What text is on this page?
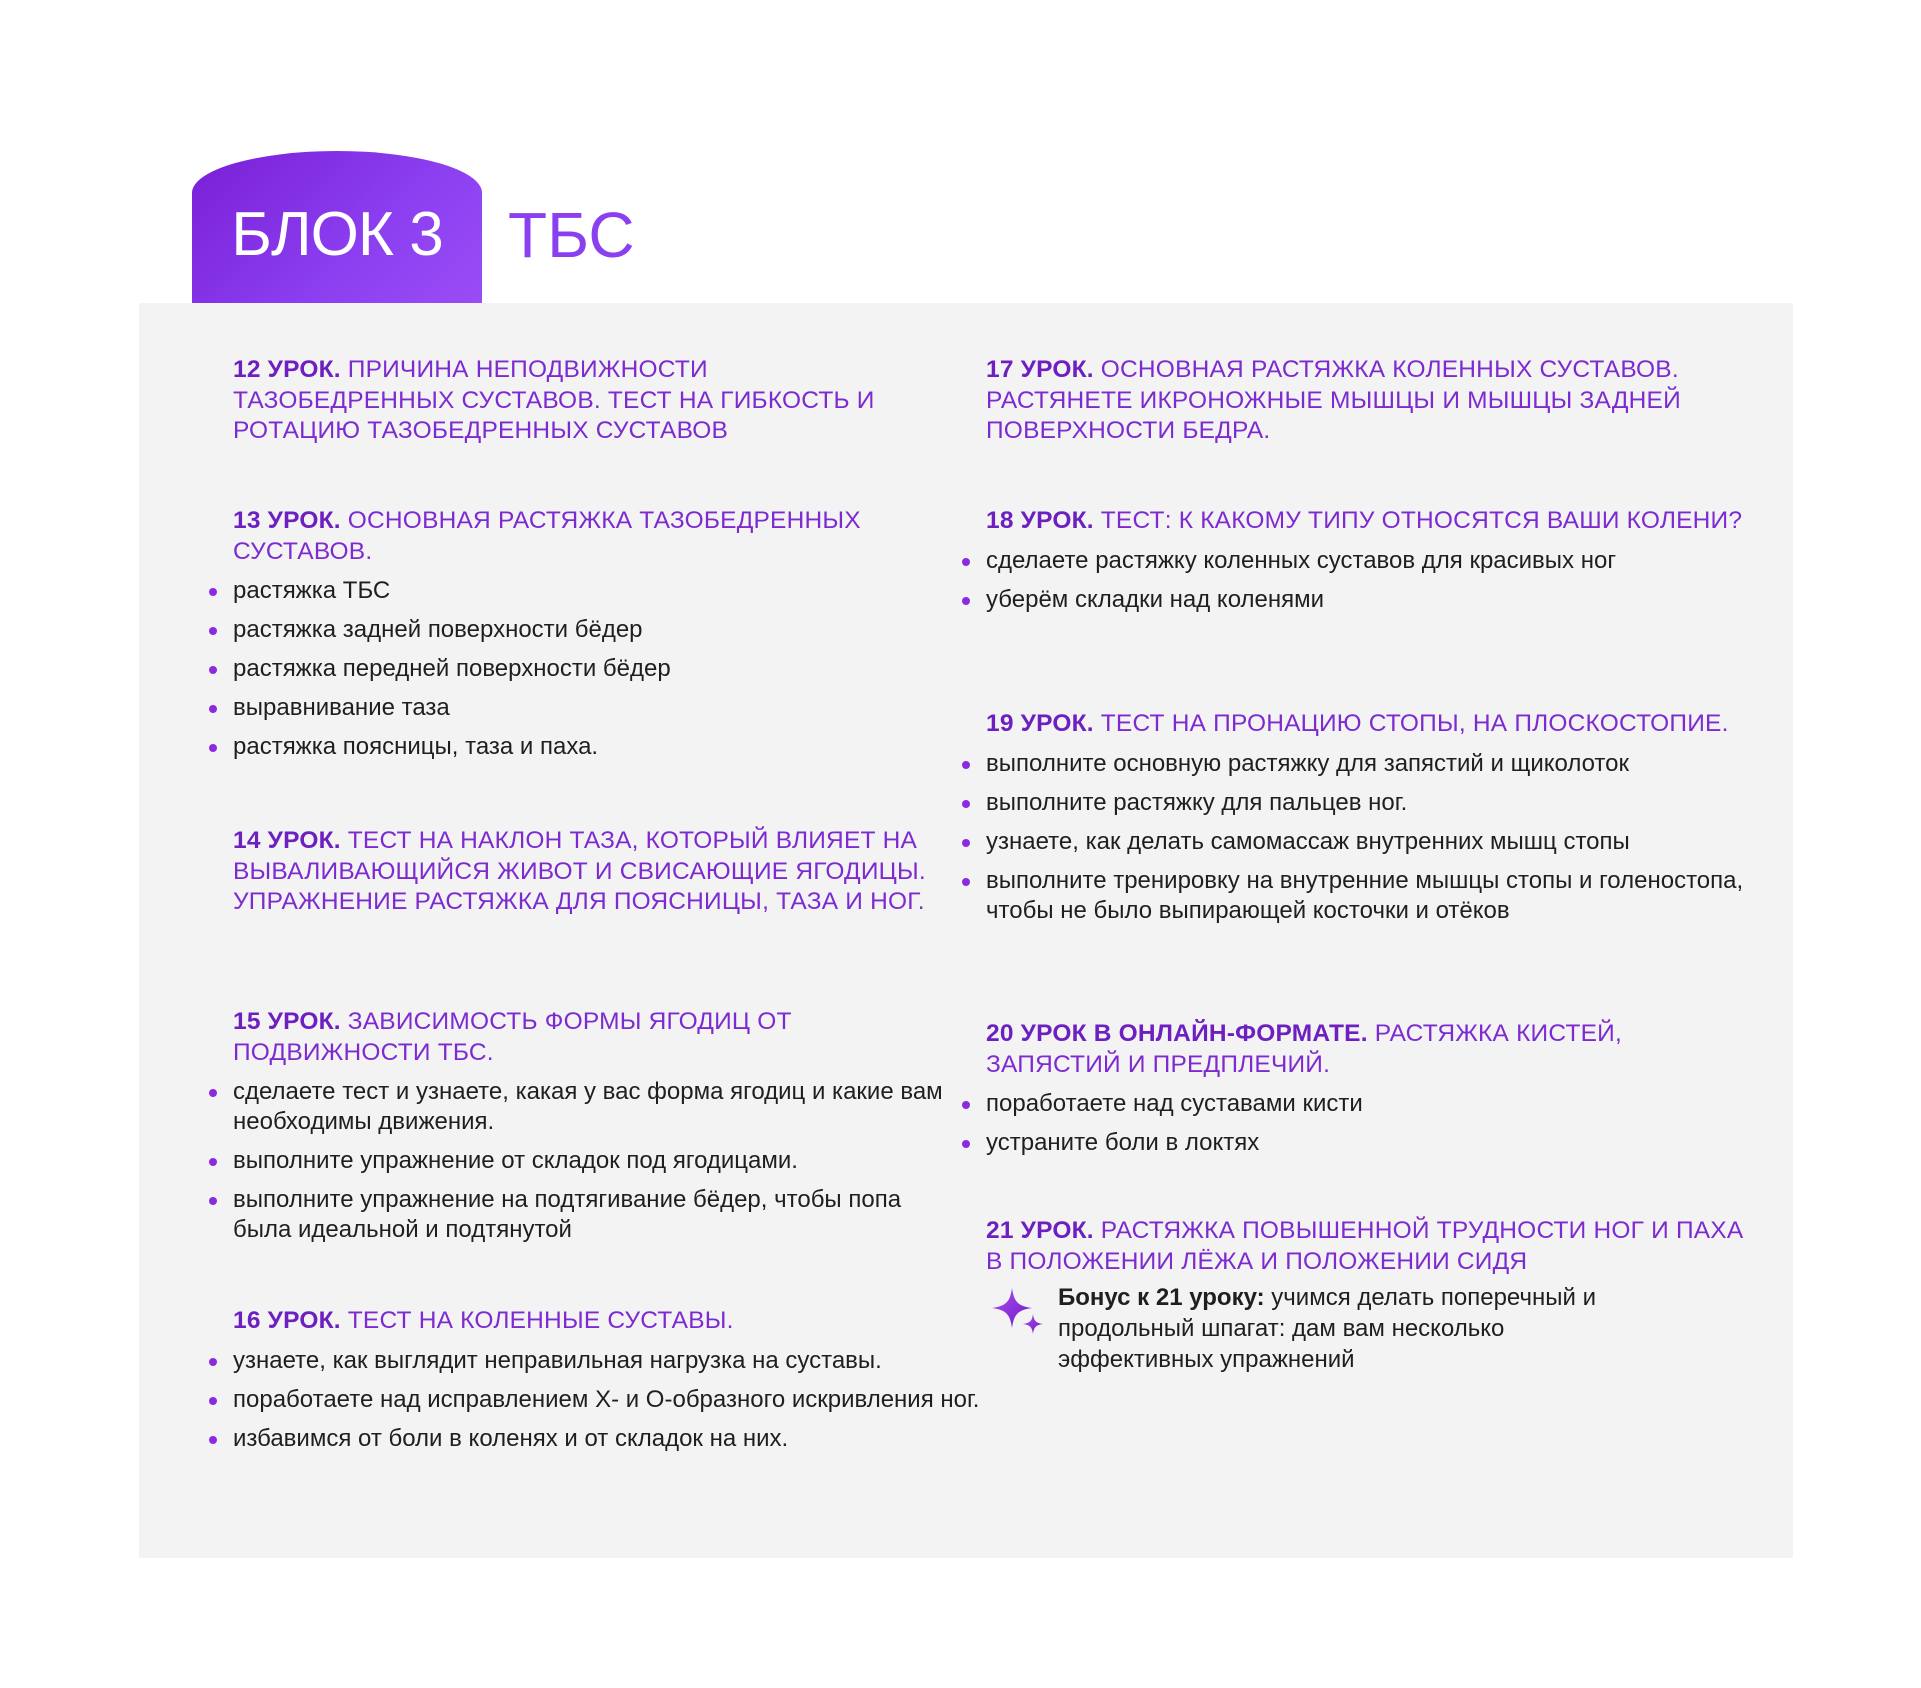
БЛОК 3	ТБС
12 УРОК. ПРИЧИНА НЕПОДВИЖНОСТИ ТАЗОБЕДРЕННЫХ СУСТАВОВ. ТЕСТ НА ГИБКОСТЬ И РОТАЦИЮ ТАЗОБЕДРЕННЫХ СУСТАВОВ
13 УРОК. ОСНОВНАЯ РАСТЯЖКА ТАЗОБЕДРЕННЫХ СУСТАВОВ.
растяжка ТБС
растяжка задней поверхности бёдер
растяжка передней поверхности бёдер
выравнивание таза
растяжка поясницы, таза и паха.
14 УРОК. ТЕСТ НА НАКЛОН ТАЗА, КОТОРЫЙ ВЛИЯЕТ НА ВЫВАЛИВАЮЩИЙСЯ ЖИВОТ И СВИСАЮЩИЕ ЯГОДИЦЫ. УПРАЖНЕНИЕ РАСТЯЖКА ДЛЯ ПОЯСНИЦЫ, ТАЗА И НОГ.
15 УРОК. ЗАВИСИМОСТЬ ФОРМЫ ЯГОДИЦ ОТ ПОДВИЖНОСТИ ТБС.
сделаете тест и узнаете, какая у вас форма ягодиц и какие вам необходимы движения.
выполните упражнение от складок под ягодицами.
выполните упражнение на подтягивание бёдер, чтобы попа была идеальной и подтянутой
16 УРОК. ТЕСТ НА КОЛЕННЫЕ СУСТАВЫ.
узнаете, как выглядит неправильная нагрузка на суставы.
поработаете над исправлением Х- и О-образного искривления ног.
избавимся от боли в коленях и от складок на них.
17 УРОК. ОСНОВНАЯ РАСТЯЖКА КОЛЕННЫХ СУСТАВОВ. РАСТЯНЕТЕ ИКРОНОЖНЫЕ МЫШЦЫ И МЫШЦЫ ЗАДНЕЙ ПОВЕРХНОСТИ БЕДРА.
18 УРОК. ТЕСТ: К КАКОМУ ТИПУ ОТНОСЯТСЯ ВАШИ КОЛЕНИ?
сделаете растяжку коленных суставов для красивых ног
уберём складки над коленями
19 УРОК. ТЕСТ НА ПРОНАЦИЮ СТОПЫ, НА ПЛОСКОСТОПИЕ.
выполните основную растяжку для запястий и щиколоток
выполните растяжку для пальцев ног.
узнаете, как делать самомассаж внутренних мышц стопы
выполните тренировку на внутренние мышцы стопы и голеностопа, чтобы не было выпирающей косточки и отёков
20 УРОК В ОНЛАЙН-ФОРМАТЕ. РАСТЯЖКА КИСТЕЙ, ЗАПЯСТИЙ И ПРЕДПЛЕЧИЙ.
поработаете над суставами кисти
устраните боли в локтях
21 УРОК. РАСТЯЖКА ПОВЫШЕННОЙ ТРУДНОСТИ НОГ И ПАХА В ПОЛОЖЕНИИ ЛЁЖА И ПОЛОЖЕНИИ СИДЯ
Бонус к 21 уроку: учимся делать поперечный и продольный шпагат: дам вам несколько эффективных упражнений
